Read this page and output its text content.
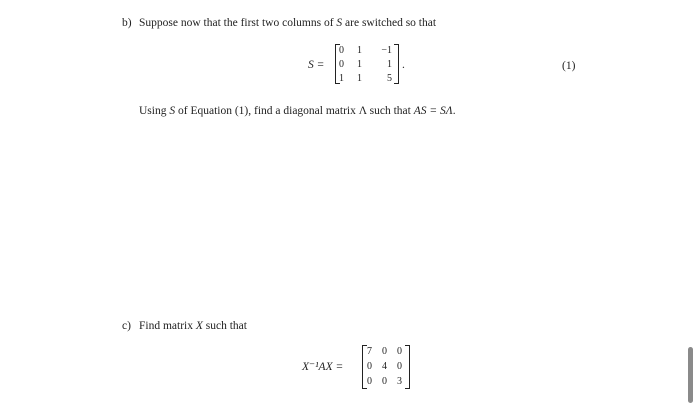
b) Suppose now that the first two columns of S are switched so that
S =
0	1	−1
0	1	1
1	1	5
.	(1)
Using S of Equation (1), find a diagonal matrix Λ such that AS = SΛ.
c) Find matrix X such that
X⁻¹AX =
7	0	0
0	4	0
0	0	3
